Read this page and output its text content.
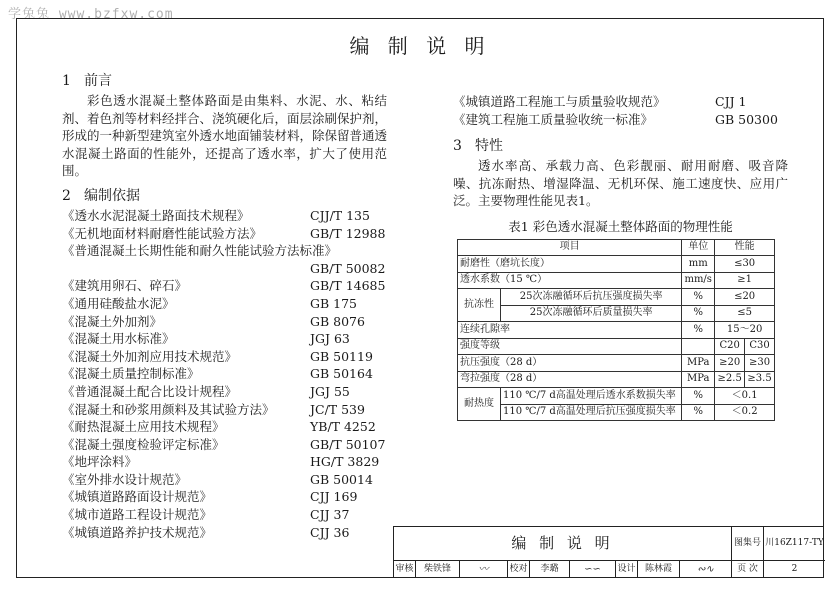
学兔兔 www.bzfxw.com
编 制 说 明
1 前言

彩色透水混凝土整体路面是由集料、水泥、水、粘结剂、着色剂等材料经拌合、浇筑硬化后，面层涂刷保护剂，形成的一种新型建筑室外透水地面铺装材料，除保留普通透水混凝土路面的性能外，还提高了透水率，扩大了使用范围。

2 编制依据
《透水水泥混凝土路面技术规程》	CJJ/T 135
《无机地面材料耐磨性能试验方法》	GB/T 12988
《普通混凝土长期性能和耐久性能试验方法标准》
GB/T 50082
《建筑用卵石、碎石》	GB/T 14685
《通用硅酸盐水泥》	GB 175
《混凝土外加剂》	GB 8076
《混凝土用水标准》	JGJ 63
《混凝土外加剂应用技术规范》	GB 50119
《混凝土质量控制标准》	GB 50164
《普通混凝土配合比设计规程》	JGJ 55
《混凝土和砂浆用颜料及其试验方法》	JC/T 539
《耐热混凝土应用技术规程》	YB/T 4252
《混凝土强度检验评定标准》	GB/T 50107
《地坪涂料》	HG/T 3829
《室外排水设计规范》	GB 50014
《城镇道路路面设计规范》	CJJ 169
《城市道路工程设计规范》	CJJ 37
《城镇道路养护技术规范》	CJJ 36
《城镇道路工程施工与质量验收规范》	CJJ 1
《建筑工程施工质量验收统一标准》	GB 50300
3 特性

透水率高、承载力高、色彩靓丽、耐用耐磨、吸音降噪、抗冻耐热、增湿降温、无机环保、施工速度快、应用广泛。主要物理性能见表1。

表1 彩色透水混凝土整体路面的物理性能
项目		单位	性能	
耐磨性（磨坑长度）		mm	≤30	
透水系数（15 ℃）		mm/s	≥1	
抗冻性	25次冻融循环后抗压强度损失率	%	≤20	
	25次冻融循环后质量损失率	%	≤5	
连续孔隙率		%	15～20	
强度等级			C20	C30
抗压强度（28 d）		MPa	≥20	≥30
弯拉强度（28 d）		MPa	≥2.5	≥3.5
耐热度	110 ℃/7 d高温处理后透水系数损失率	%	＜0.1	
	110 ℃/7 d高温处理后抗压强度损失率	%	＜0.2	
编 制 说 明	图集号 川16Z117-TY
审核	柴铁锋	〰︎	校对	李璐	∽∽	设计	陈林霞	∾∿	页 次	2
